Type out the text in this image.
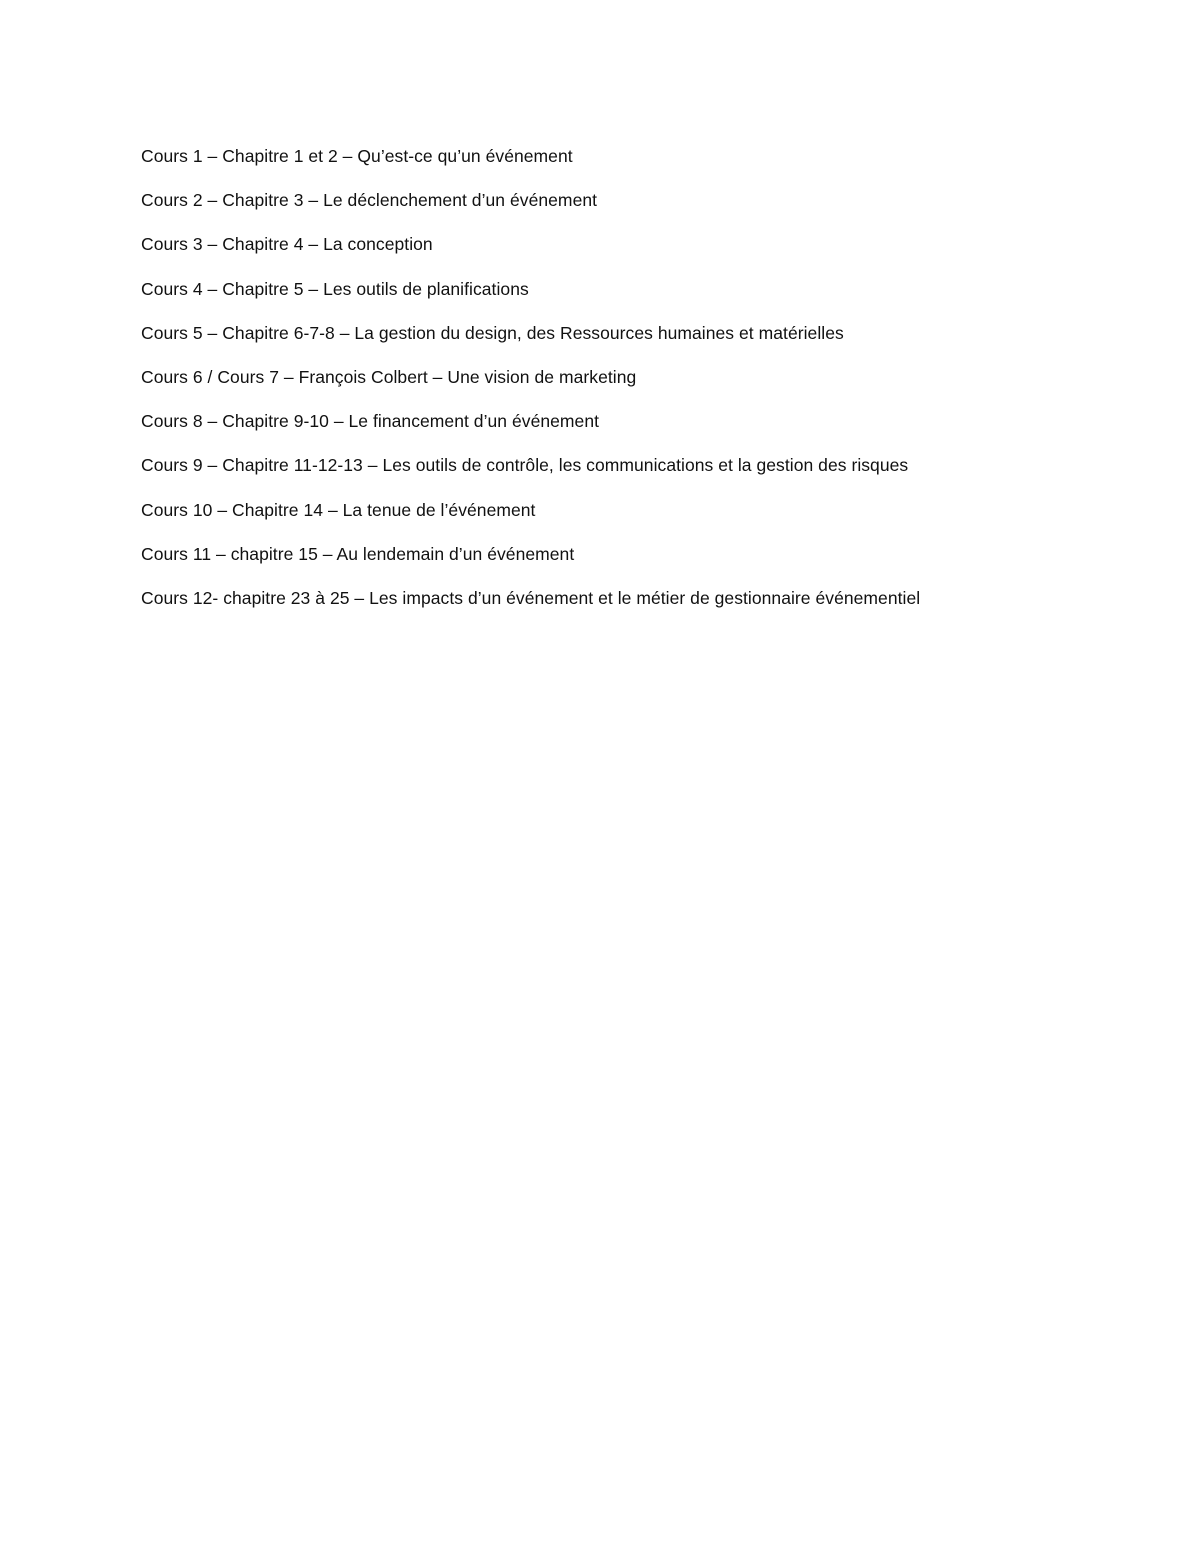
Cours 1 – Chapitre 1 et 2 – Qu’est-ce qu’un événement
Cours 2 – Chapitre 3 – Le déclenchement d’un événement
Cours 3 – Chapitre 4 – La conception
Cours 4 – Chapitre 5 – Les outils de planifications
Cours 5 – Chapitre 6-7-8 – La gestion du design, des Ressources humaines et matérielles
Cours 6 / Cours 7 – François Colbert – Une vision de marketing
Cours 8 – Chapitre 9-10 – Le financement d’un événement
Cours 9 – Chapitre 11-12-13 – Les outils de contrôle, les communications et la gestion des risques
Cours 10 – Chapitre 14 – La tenue de l’événement
Cours 11 – chapitre 15 – Au lendemain d’un événement
Cours 12- chapitre 23 à 25 – Les impacts d’un événement et le métier de gestionnaire événementiel
